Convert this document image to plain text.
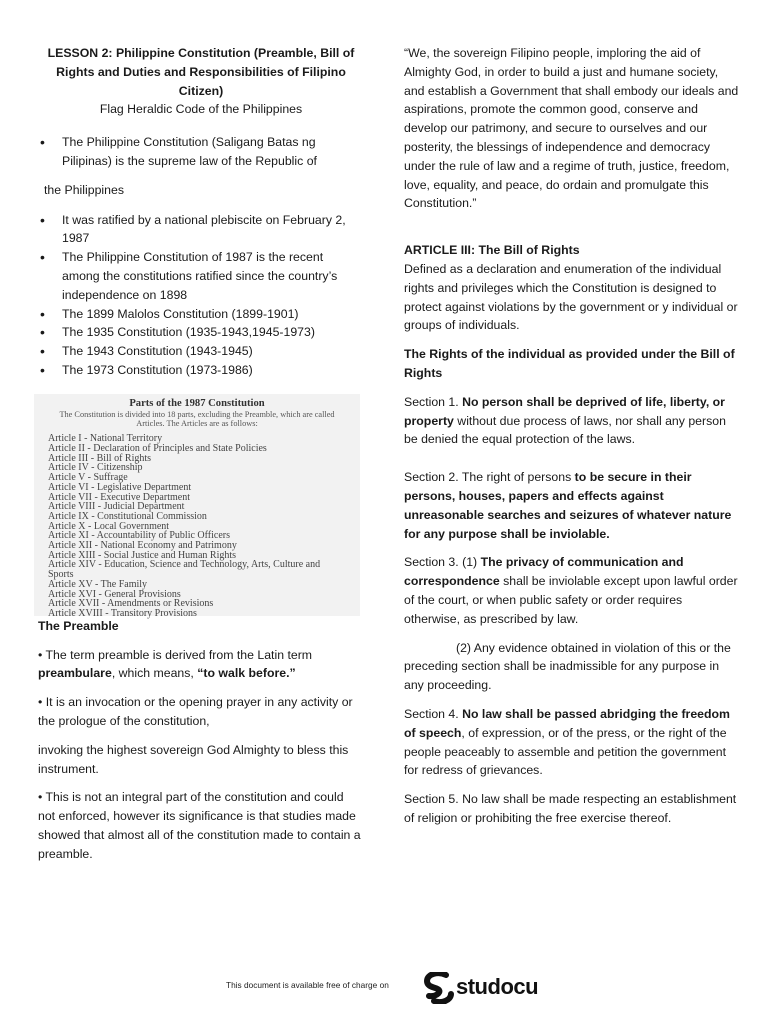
LESSON 2: Philippine Constitution (Preamble, Bill of Rights and Duties and Responsibilities of Filipino Citizen)

Flag Heraldic Code of the Philippines

• The Philippine Constitution (Saligang Batas ng Pilipinas) is the supreme law of the Republic of

the Philippines

• It was ratified by a national plebiscite on February 2, 1987
• The Philippine Constitution of 1987 is the recent among the constitutions ratified since the country’s independence on 1898
• The 1899 Malolos Constitution (1899-1901)
• The 1935 Constitution (1935-1943,1945-1973)
• The 1943 Constitution (1943-1945)
• The 1973 Constitution (1973-1986)
Parts of the 1987 Constitution
The Constitution is divided into 18 parts, excluding the Preamble, which are called Articles. The Articles are as follows:
Article I - National Territory
Article II - Declaration of Principles and State Policies
Article III - Bill of Rights
Article IV - Citizenship
Article V - Suffrage
Article VI - Legislative Department
Article VII - Executive Department
Article VIII - Judicial Department
Article IX - Constitutional Commission
Article X - Local Government
Article XI - Accountability of Public Officers
Article XII - National Economy and Patrimony
Article XIII - Social Justice and Human Rights
Article XIV - Education, Science and Technology, Arts, Culture and Sports
Article XV - The Family
Article XVI - General Provisions
Article XVII - Amendments or Revisions
Article XVIII - Transitory Provisions

The Preamble

• The term preamble is derived from the Latin term preambulare, which means, “to walk before.”

• It is an invocation or the opening prayer in any activity or the prologue of the constitution,

invoking the highest sovereign God Almighty to bless this instrument.

• This is not an integral part of the constitution and could not enforced, however its significance is that studies made showed that almost all of the constitution made to contain a preamble.

“We, the sovereign Filipino people, imploring the aid of Almighty God, in order to build a just and humane society, and establish a Government that shall embody our ideals and aspirations, promote the common good, conserve and develop our patrimony, and secure to ourselves and our posterity, the blessings of independence and democracy under the rule of law and a regime of truth, justice, freedom, love, equality, and peace, do ordain and promulgate this Constitution.”

ARTICLE III: The Bill of Rights

Defined as a declaration and enumeration of the individual rights and privileges which the Constitution is designed to protect against violations by the government or y individual or groups of individuals.

The Rights of the individual as provided under the Bill of Rights

Section 1. No person shall be deprived of life, liberty, or property without due process of laws, nor shall any person be denied the equal protection of the laws.

Section 2. The right of persons to be secure in their persons, houses, papers and effects against unreasonable searches and seizures of whatever nature for any purpose shall be inviolable.

Section 3. (1) The privacy of communication and correspondence shall be inviolable except upon lawful order of the court, or when public safety or order requires otherwise, as prescribed by law.

(2) Any evidence obtained in violation of this or the preceding section shall be inadmissible for any purpose in any proceeding.

Section 4. No law shall be passed abridging the freedom of speech, of expression, or of the press, or the right of the people peaceably to assemble and petition the government for redress of grievances.

Section 5. No law shall be made respecting an establishment of religion or prohibiting the free exercise thereof.

This document is available free of charge on	studocu
